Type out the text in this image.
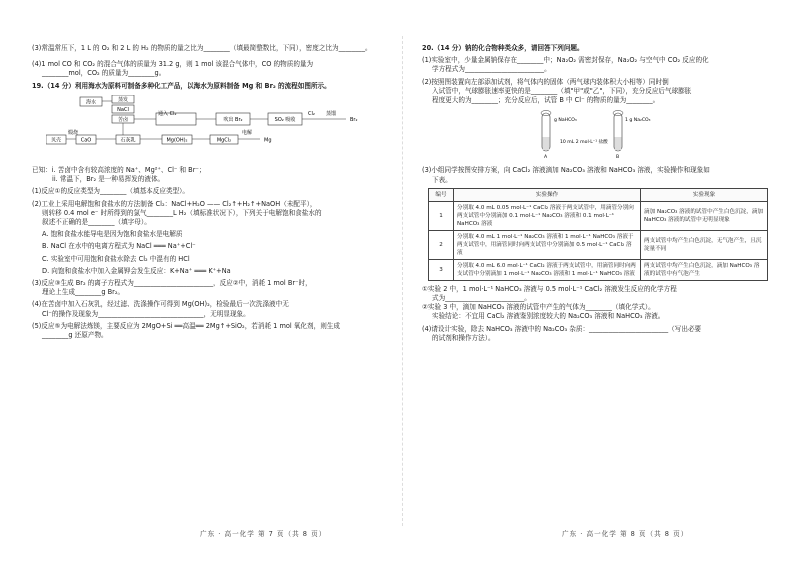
(3)常温常压下，1 L 的 O₂ 和 2 L 的 H₂ 的物质的量之比为________（填最简整数比，下同），密度之比为________。
(4)1 mol CO 和 CO₂ 的混合气体的质量为 31.2 g，则 1 mol 该混合气体中，CO 的物质的量为
________mol，CO₂ 的质量为________g。
19.（14 分）利用海水为原料可制备多种化工产品，以海水为原料制备 Mg 和 Br₂ 的流程如图所示。
海水	蒸发
NaCl
苦卤
通入 Cl₂
吹出 Br₂	SO₂ 吸收
Cl₂ 蒸馏
Br₂
贝壳
煅烧
CaO	石灰乳	Mg(OH)₂	MgCl₂
电解
Mg
已知：i. 苦卤中含有较高浓度的 Na⁺、Mg²⁺、Cl⁻ 和 Br⁻；
ii. 常温下，Br₂ 是一种易挥发的液体。
(1)反应①的反应类型为________（填基本反应类型）。
(2)工业上采用电解饱和食盐水的方法制备 Cl₂：NaCl+H₂O —— Cl₂↑+H₂↑+NaOH（未配平），
则转移 0.4 mol e⁻ 时所得到的氯气________L H₂（填标准状况下），下列关于电解饱和食盐水的
叙述不正确的是________（填字母）。
A. 饱和食盐水能导电是因为饱和食盐水是电解质
B. NaCl 在水中的电离方程式为 NaCl ═══ Na⁺+Cl⁻
C. 实验室中可用饱和食盐水除去 Cl₂ 中混有的 HCl
D. 向饱和食盐水中加入金属钾会发生反应：K+Na⁺ ═══ K⁺+Na
(3)反应③生成 Br₂ 的离子方程式为________________________，反应②中，消耗 1 mol Br⁻时，
理论上生成________g Br₂。
(4)在苦卤中加入石灰乳，经过滤、洗涤操作可得到 Mg(OH)₂，检验最后一次洗涤液中无
Cl⁻的操作及现象为________________________________，无明显现象。
(5)反应⑤为电解法炼镁，主要反应为 2MgO+Si ══高温══ 2Mg↑+SiO₂，若消耗 1 mol 氧化剂，则生成
________g 还原产物。
广东 · 高一化学 第 7 页（共 8 页）
20.（14 分）钠的化合物种类众多，请回答下列问题。
(1)实验室中，少量金属钠保存在________中；Na₂O₂ 需密封保存，Na₂O₂ 与空气中 CO₂ 反应的化
学方程式为________________________。
(2)按照图装置向左部添加试剂，将气体内的固体（两气球内装体积大小相等）同时倒
入试管中，气球膨胀速率更快的是________（填"甲"或"乙"，下同），充分反应后气球膨胀
程度更大的为________；充分反应后，试管 B 中 Cl⁻ 的物质的量为________。
g NaHCO₃
A
1 g Na₂CO₃
B
10 mL 2 mol·L⁻¹ 盐酸
(3)小组同学按图安排方案，向 CaCl₂ 溶液滴加 Na₂CO₃ 溶液和 NaHCO₃ 溶液，实验操作和现象如
下表。
编号	实验操作	实验现象
1	分别取 4.0 mL 0.05 mol·L⁻¹ CaCl₂ 溶液于两支试管中，用滴管分别向两支试管中分别滴加 0.1 mol·L⁻¹ Na₂CO₃ 溶液和 0.1 mol·L⁻¹ NaHCO₃ 溶液	滴加 Na₂CO₃ 溶液的试管中产生白色沉淀，滴加 NaHCO₃ 溶液的试管中无明显现象
2	分别取 4.0 mL 1 mol·L⁻¹ Na₂CO₃ 溶液和 1 mol·L⁻¹ NaHCO₃ 溶液于两支试管中，用滴管同时向两支试管中分别滴加 0.5 mol·L⁻¹ CaCl₂ 溶液	两支试管中均产生白色沉淀，无气泡产生，且沉淀量不同
3	分别取 4.0 mL 6.0 mol·L⁻¹ CaCl₂ 溶液于两支试管中，用滴管同时向两支试管中分别滴加 1 mol·L⁻¹ Na₂CO₃ 溶液和 1 mol·L⁻¹ NaHCO₃ 溶液	两支试管中均产生白色沉淀，滴加 NaHCO₃ 溶液的试管中有气泡产生
①实验 2 中，1 mol·L⁻¹ NaHCO₃ 溶液与 0.5 mol·L⁻¹ CaCl₂ 溶液发生反应的化学方程
式为________________________。
②实验 3 中，滴加 NaHCO₃ 溶液的试管中产生的气体为________（填化学式）。
实验结论：不宜用 CaCl₂ 溶液鉴别浓度较大的 Na₂CO₃ 溶液和 NaHCO₃ 溶液。
(4)请设计实验，除去 NaHCO₃ 溶液中的 Na₂CO₃ 杂质：________________________（写出必要
的试剂和操作方法）。
广东 · 高一化学 第 8 页（共 8 页）
